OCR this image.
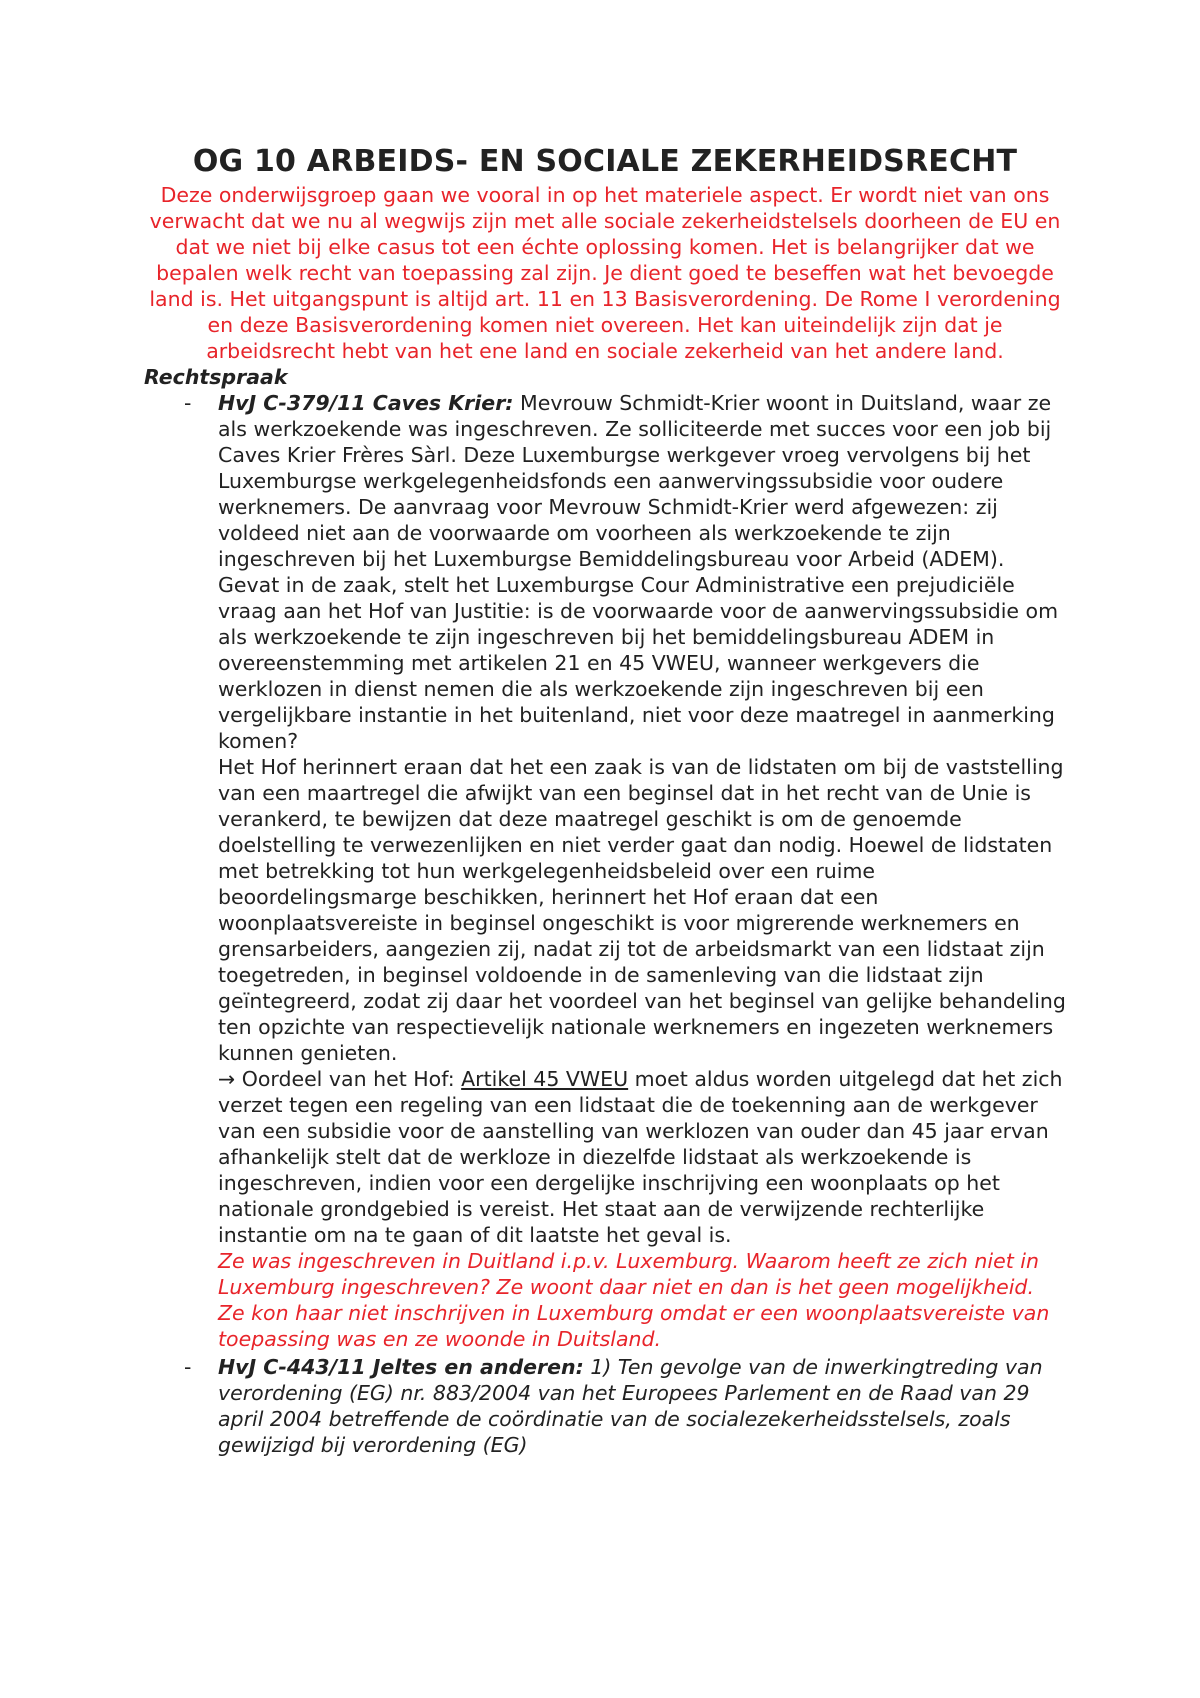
OG 10 ARBEIDS- EN SOCIALE ZEKERHEIDSRECHT

Deze onderwijsgroep gaan we vooral in op het materiele aspect. Er wordt niet van ons verwacht dat we nu al wegwijs zijn met alle sociale zekerheidstelsels doorheen de EU en dat we niet bij elke casus tot een échte oplossing komen. Het is belangrijker dat we bepalen welk recht van toepassing zal zijn. Je dient goed te beseffen wat het bevoegde land is. Het uitgangspunt is altijd art. 11 en 13 Basisverordening. De Rome I verordening en deze Basisverordening komen niet overeen. Het kan uiteindelijk zijn dat je arbeidsrecht hebt van het ene land en sociale zekerheid van het andere land.

Rechtspraak

- HvJ C-379/11 Caves Krier: Mevrouw Schmidt-Krier woont in Duitsland, waar ze als werkzoekende was ingeschreven. Ze solliciteerde met succes voor een job bij Caves Krier Frères Sàrl. Deze Luxemburgse werkgever vroeg vervolgens bij het Luxemburgse werkgelegenheidsfonds een aanwervingssubsidie voor oudere werknemers. De aanvraag voor Mevrouw Schmidt-Krier werd afgewezen: zij voldeed niet aan de voorwaarde om voorheen als werkzoekende te zijn ingeschreven bij het Luxemburgse Bemiddelingsbureau voor Arbeid (ADEM). Gevat in de zaak, stelt het Luxemburgse Cour Administrative een prejudiciële vraag aan het Hof van Justitie: is de voorwaarde voor de aanwervingssubsidie om als werkzoekende te zijn ingeschreven bij het bemiddelingsbureau ADEM in overeenstemming met artikelen 21 en 45 VWEU, wanneer werkgevers die werklozen in dienst nemen die als werkzoekende zijn ingeschreven bij een vergelijkbare instantie in het buitenland, niet voor deze maatregel in aanmerking komen?

Het Hof herinnert eraan dat het een zaak is van de lidstaten om bij de vaststelling van een maartregel die afwijkt van een beginsel dat in het recht van de Unie is verankerd, te bewijzen dat deze maatregel geschikt is om de genoemde doelstelling te verwezenlijken en niet verder gaat dan nodig. Hoewel de lidstaten met betrekking tot hun werkgelegenheidsbeleid over een ruime beoordelingsmarge beschikken, herinnert het Hof eraan dat een woonplaatsvereiste in beginsel ongeschikt is voor migrerende werknemers en grensarbeiders, aangezien zij, nadat zij tot de arbeidsmarkt van een lidstaat zijn toegetreden, in beginsel voldoende in de samenleving van die lidstaat zijn geïntegreerd, zodat zij daar het voordeel van het beginsel van gelijke behandeling ten opzichte van respectievelijk nationale werknemers en ingezeten werknemers kunnen genieten.

→ Oordeel van het Hof: Artikel 45 VWEU moet aldus worden uitgelegd dat het zich verzet tegen een regeling van een lidstaat die de toekenning aan de werkgever van een subsidie voor de aanstelling van werklozen van ouder dan 45 jaar ervan afhankelijk stelt dat de werkloze in diezelfde lidstaat als werkzoekende is ingeschreven, indien voor een dergelijke inschrijving een woonplaats op het nationale grondgebied is vereist. Het staat aan de verwijzende rechterlijke instantie om na te gaan of dit laatste het geval is.

Ze was ingeschreven in Duitland i.p.v. Luxemburg. Waarom heeft ze zich niet in Luxemburg ingeschreven? Ze woont daar niet en dan is het geen mogelijkheid. Ze kon haar niet inschrijven in Luxemburg omdat er een woonplaatsvereiste van toepassing was en ze woonde in Duitsland.

- HvJ C-443/11 Jeltes en anderen: 1) Ten gevolge van de inwerkingtreding van verordening (EG) nr. 883/2004 van het Europees Parlement en de Raad van 29 april 2004 betreffende de coördinatie van de socialezekerheidsstelsels, zoals gewijzigd bij verordening (EG)
